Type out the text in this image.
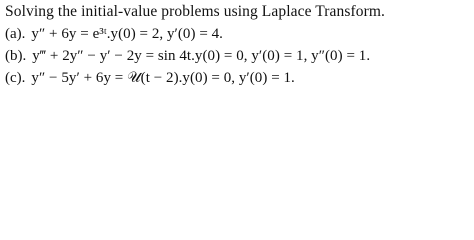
Solving the initial-value problems using Laplace Transform.
(a). y″ + 6y = e³ᵗ.y(0) = 2, y′(0) = 4.
(b). y‴ + 2y″ − y′ − 2y = sin 4t.y(0) = 0, y′(0) = 1, y″(0) = 1.
(c). y″ − 5y′ + 6y = 𝒰(t − 2).y(0) = 0, y′(0) = 1.
